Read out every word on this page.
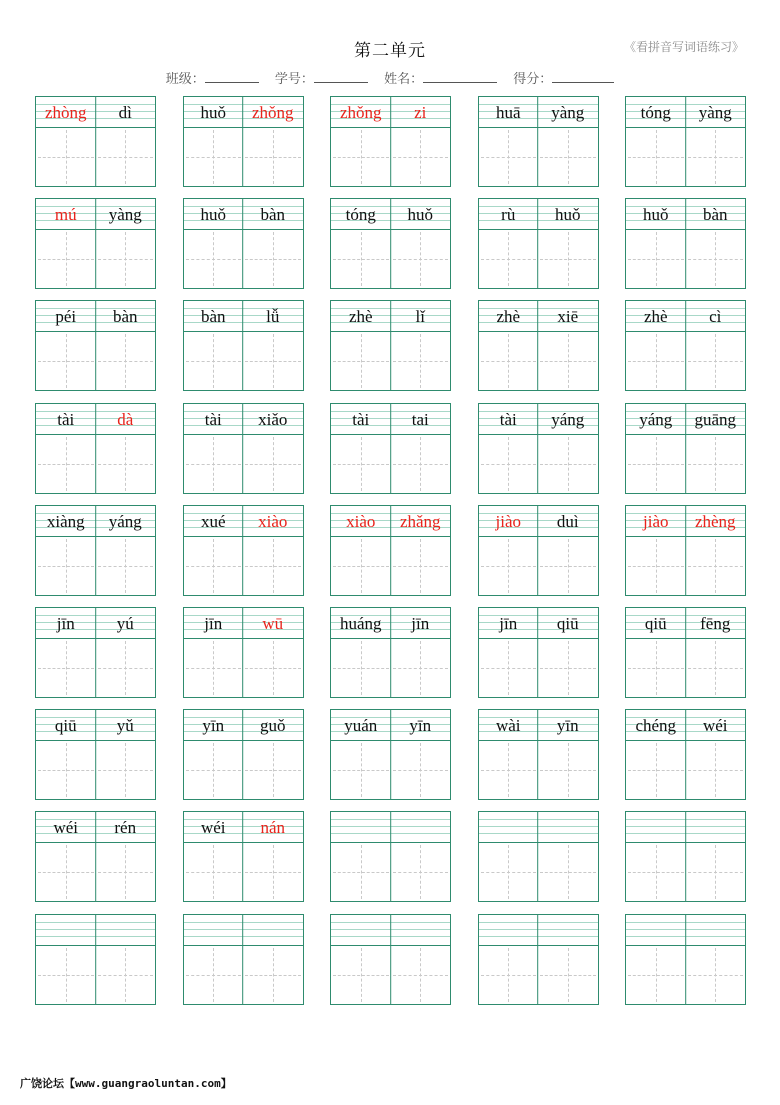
第二单元	《看拼音写词语练习》
班级：	学号：	姓名：	得分：
zhòng	dì	huǒ	zhǒng	zhǒng	zi	huā	yàng	tóng	yàng
mú	yàng	huǒ	bàn	tóng	huǒ	rù	huǒ	huǒ	bàn
péi	bàn	bàn	lǚ	zhè	lǐ	zhè	xiē	zhè	cì
tài	dà	tài	xiǎo	tài	tai	tài	yáng	yáng	guāng
xiàng	yáng	xué	xiào	xiào	zhǎng	jiào	duì	jiào	zhèng
jīn	yú	jīn	wū	huáng	jīn	jīn	qiū	qiū	fēng
qiū	yǔ	yīn	guǒ	yuán	yīn	wài	yīn	chéng	wéi
wéi	rén	wéi	nán
广饶论坛【www.guangraoluntan.com】
